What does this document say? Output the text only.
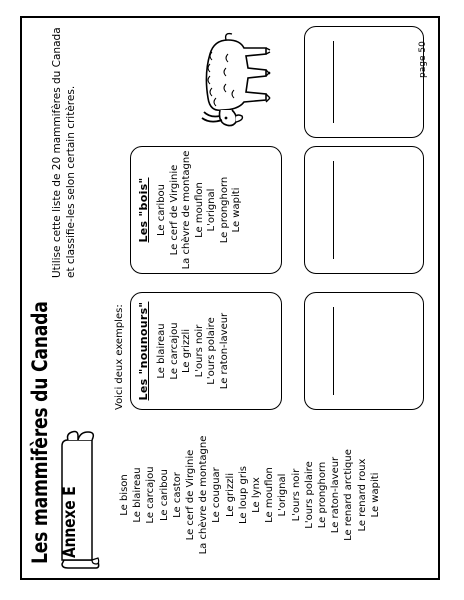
Les mammifères du Canada
Utilise cette liste de 20 mammifères du Canada et classifie-les selon certain critères.
Annexe E	Le bison Le blaireau Le carcajou Le caribou Le castor Le cerf de Virginie La chèvre de montagne Le couguar Le grizzli Le loup gris Le lynx Le mouflon L'orignal L'ours noir L'ours polaire Le pronghorn Le raton-laveur Le renard arctique Le renard roux Le wapiti
Voici deux exemples: Les "nounours" Le blaireau Le carcajou Le grizzli L'ours noir L'ours polaire Le raton-laveur
Les "bois" Le caribou Le cerf de Virginie La chèvre de montagne Le mouflon L'orignal Le pronghorn Le wapiti
page 50
